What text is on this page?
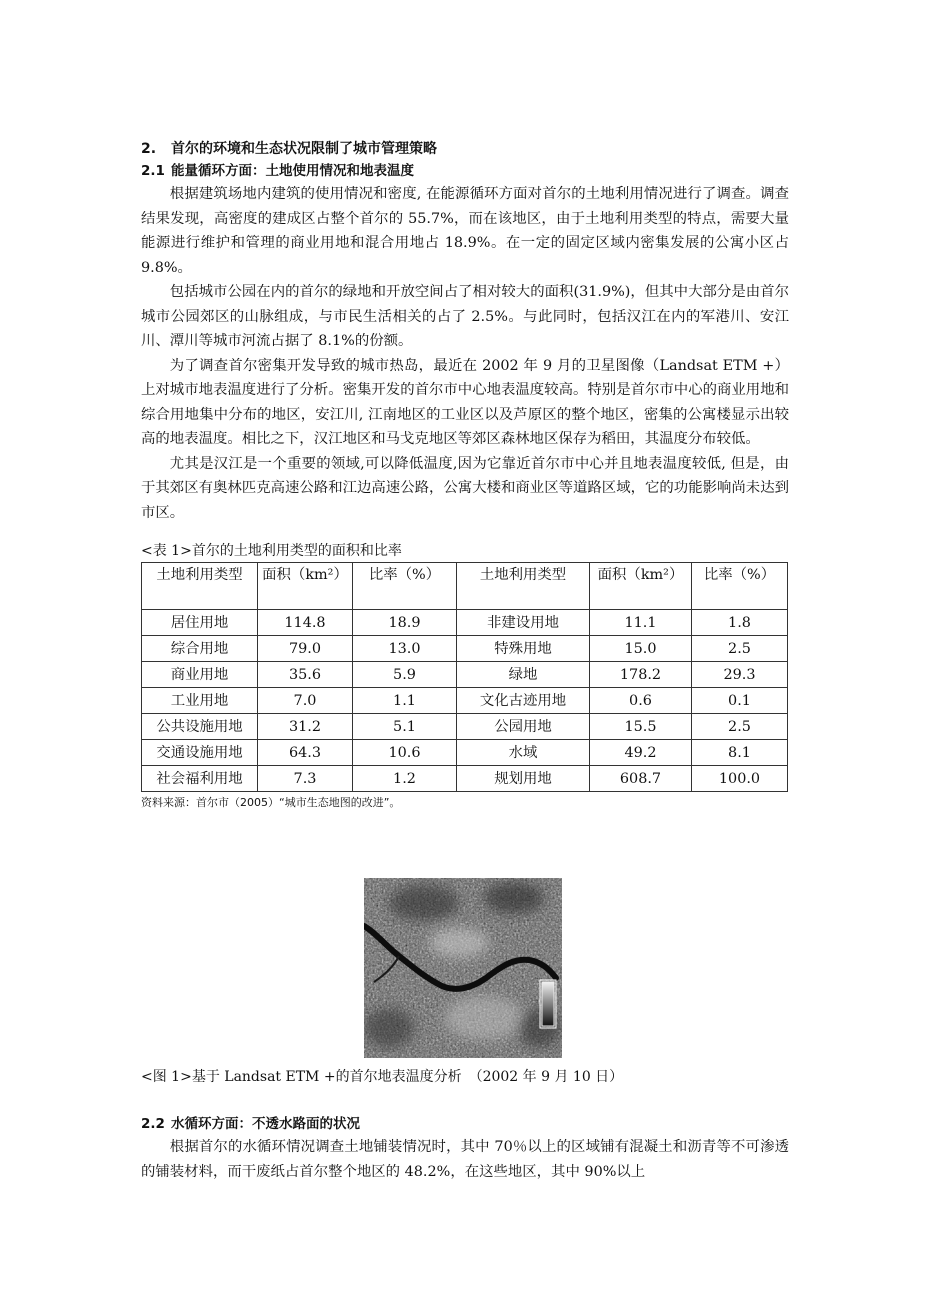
2. 首尔的环境和生态状况限制了城市管理策略
2.1 能量循环方面：土地使用情况和地表温度

根据建筑场地内建筑的使用情况和密度, 在能源循环方面对首尔的土地利用情况进行了调查。调查结果发现，高密度的建成区占整个首尔的 55.7%，而在该地区，由于土地利用类型的特点，需要大量能源进行维护和管理的商业用地和混合用地占 18.9%。在一定的固定区域内密集发展的公寓小区占 9.8%。

包括城市公园在内的首尔的绿地和开放空间占了相对较大的面积(31.9%)，但其中大部分是由首尔城市公园郊区的山脉组成，与市民生活相关的占了 2.5%。与此同时，包括汉江在内的军港川、安江川、潭川等城市河流占据了 8.1%的份额。

为了调查首尔密集开发导致的城市热岛，最近在 2002 年 9 月的卫星图像（Landsat ETM +）上对城市地表温度进行了分析。密集开发的首尔市中心地表温度较高。特别是首尔市中心的商业用地和综合用地集中分布的地区，安江川, 江南地区的工业区以及芦原区的整个地区，密集的公寓楼显示出较高的地表温度。相比之下，汉江地区和马戈克地区等郊区森林地区保存为稻田，其温度分布较低。

尤其是汉江是一个重要的领域,可以降低温度,因为它靠近首尔市中心并且地表温度较低, 但是，由于其郊区有奥林匹克高速公路和江边高速公路，公寓大楼和商业区等道路区域，它的功能影响尚未达到市区。

<表 1>首尔的土地利用类型的面积和比率
土地利用类型	面积（km²）	比率（%）	土地利用类型	面积（km²）	比率（%）
居住用地	114.8	18.9	非建设用地	11.1	1.8
综合用地	79.0	13.0	特殊用地	15.0	2.5
商业用地	35.6	5.9	绿地	178.2	29.3
工业用地	7.0	1.1	文化古迹用地	0.6	0.1
公共设施用地	31.2	5.1	公园用地	15.5	2.5
交通设施用地	64.3	10.6	水域	49.2	8.1
社会福利用地	7.3	1.2	规划用地	608.7	100.0
资料来源：首尔市（2005）“城市生态地图的改进”。
<图 1>基于 Landsat ETM +的首尔地表温度分析　（2002 年 9 月 10 日）
2.2 水循环方面：不透水路面的状况

根据首尔的水循环情况调查土地铺装情况时，其中 70％以上的区域铺有混凝土和沥青等不可渗透的铺装材料，而干废纸占首尔整个地区的 48.2%，在这些地区，其中 90%以上
